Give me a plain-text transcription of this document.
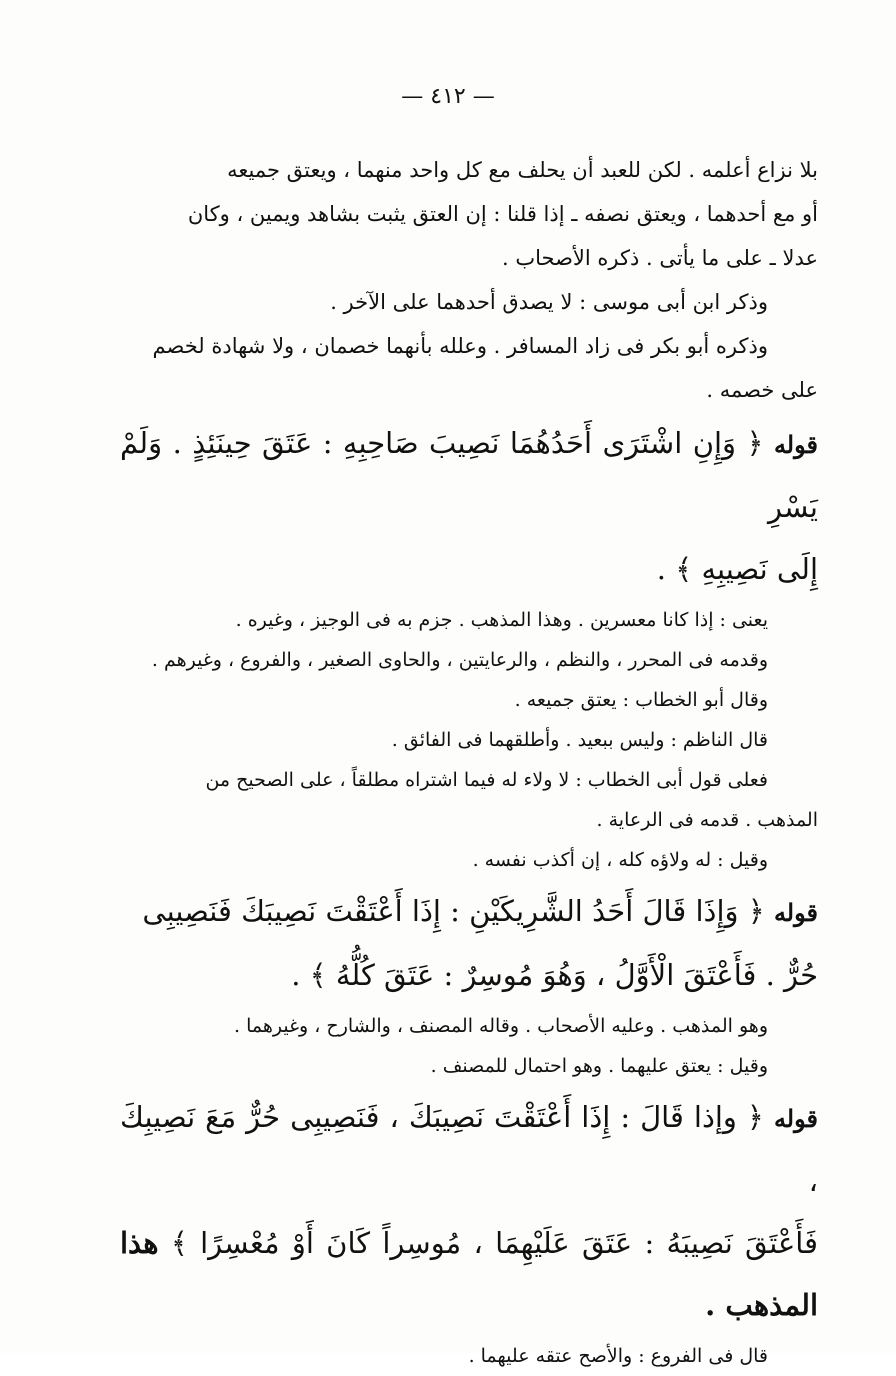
— ٤١٢ —

بلا نزاع أعلمه . لكن للعبد أن يحلف مع كل واحد منهما ، ويعتق جميعه
أو مع أحدهما ، ويعتق نصفه ـ إذا قلنا : إن العتق يثبت بشاهد ويمين ، وكان
عدلا ـ على ما يأتى . ذكره الأصحاب .

وذكر ابن أبى موسى : لا يصدق أحدهما على الآخر .

وذكره أبو بكر فى زاد المسافر . وعلله بأنهما خصمان ، ولا شهادة لخصم

على خصمه .

قوله ﴿ وَإِنِ اشْتَرَى أَحَدُهُمَا نَصِيبَ صَاحِبِهِ : عَتَقَ حِينَئِذٍ . وَلَمْ يَسْرِ
إِلَى نَصِيبِهِ ﴾ .

يعنى : إذا كانا معسرين . وهذا المذهب . جزم به فى الوجيز ، وغيره .

وقدمه فى المحرر ، والنظم ، والرعايتين ، والحاوى الصغير ، والفروع ، وغيرهم .

وقال أبو الخطاب : يعتق جميعه .

قال الناظم : وليس ببعيد . وأطلقهما فى الفائق .

فعلى قول أبى الخطاب : لا ولاء له فيما اشتراه مطلقاً ، على الصحيح من

المذهب . قدمه فى الرعاية .

وقيل : له ولاؤه كله ، إن أكذب نفسه .

قوله ﴿ وَإِذَا قَالَ أَحَدُ الشَّرِيكَيْنِ : إِذَا أَعْتَقْتَ نَصِيبَكَ فَنَصِيبِى
حُرٌّ . فَأَعْتَقَ الْأَوَّلُ ، وَهُوَ مُوسِرٌ : عَتَقَ كُلُّهُ ﴾ .

وهو المذهب . وعليه الأصحاب . وقاله المصنف ، والشارح ، وغيرهما .

وقيل : يعتق عليهما . وهو احتمال للمصنف .

قوله ﴿ وإذا قَالَ : إِذَا أَعْتَقْتَ نَصِيبَكَ ، فَنَصِيبِى حُرٌّ مَعَ نَصِيبِكَ ،
فَأَعْتَقَ نَصِيبَهُ : عَتَقَ عَلَيْهِمَا ، مُوسِراً كَانَ أَوْ مُعْسِرًا ﴾ هذا المذهب .

قال فى الفروع : والأصح عتقه عليهما .
